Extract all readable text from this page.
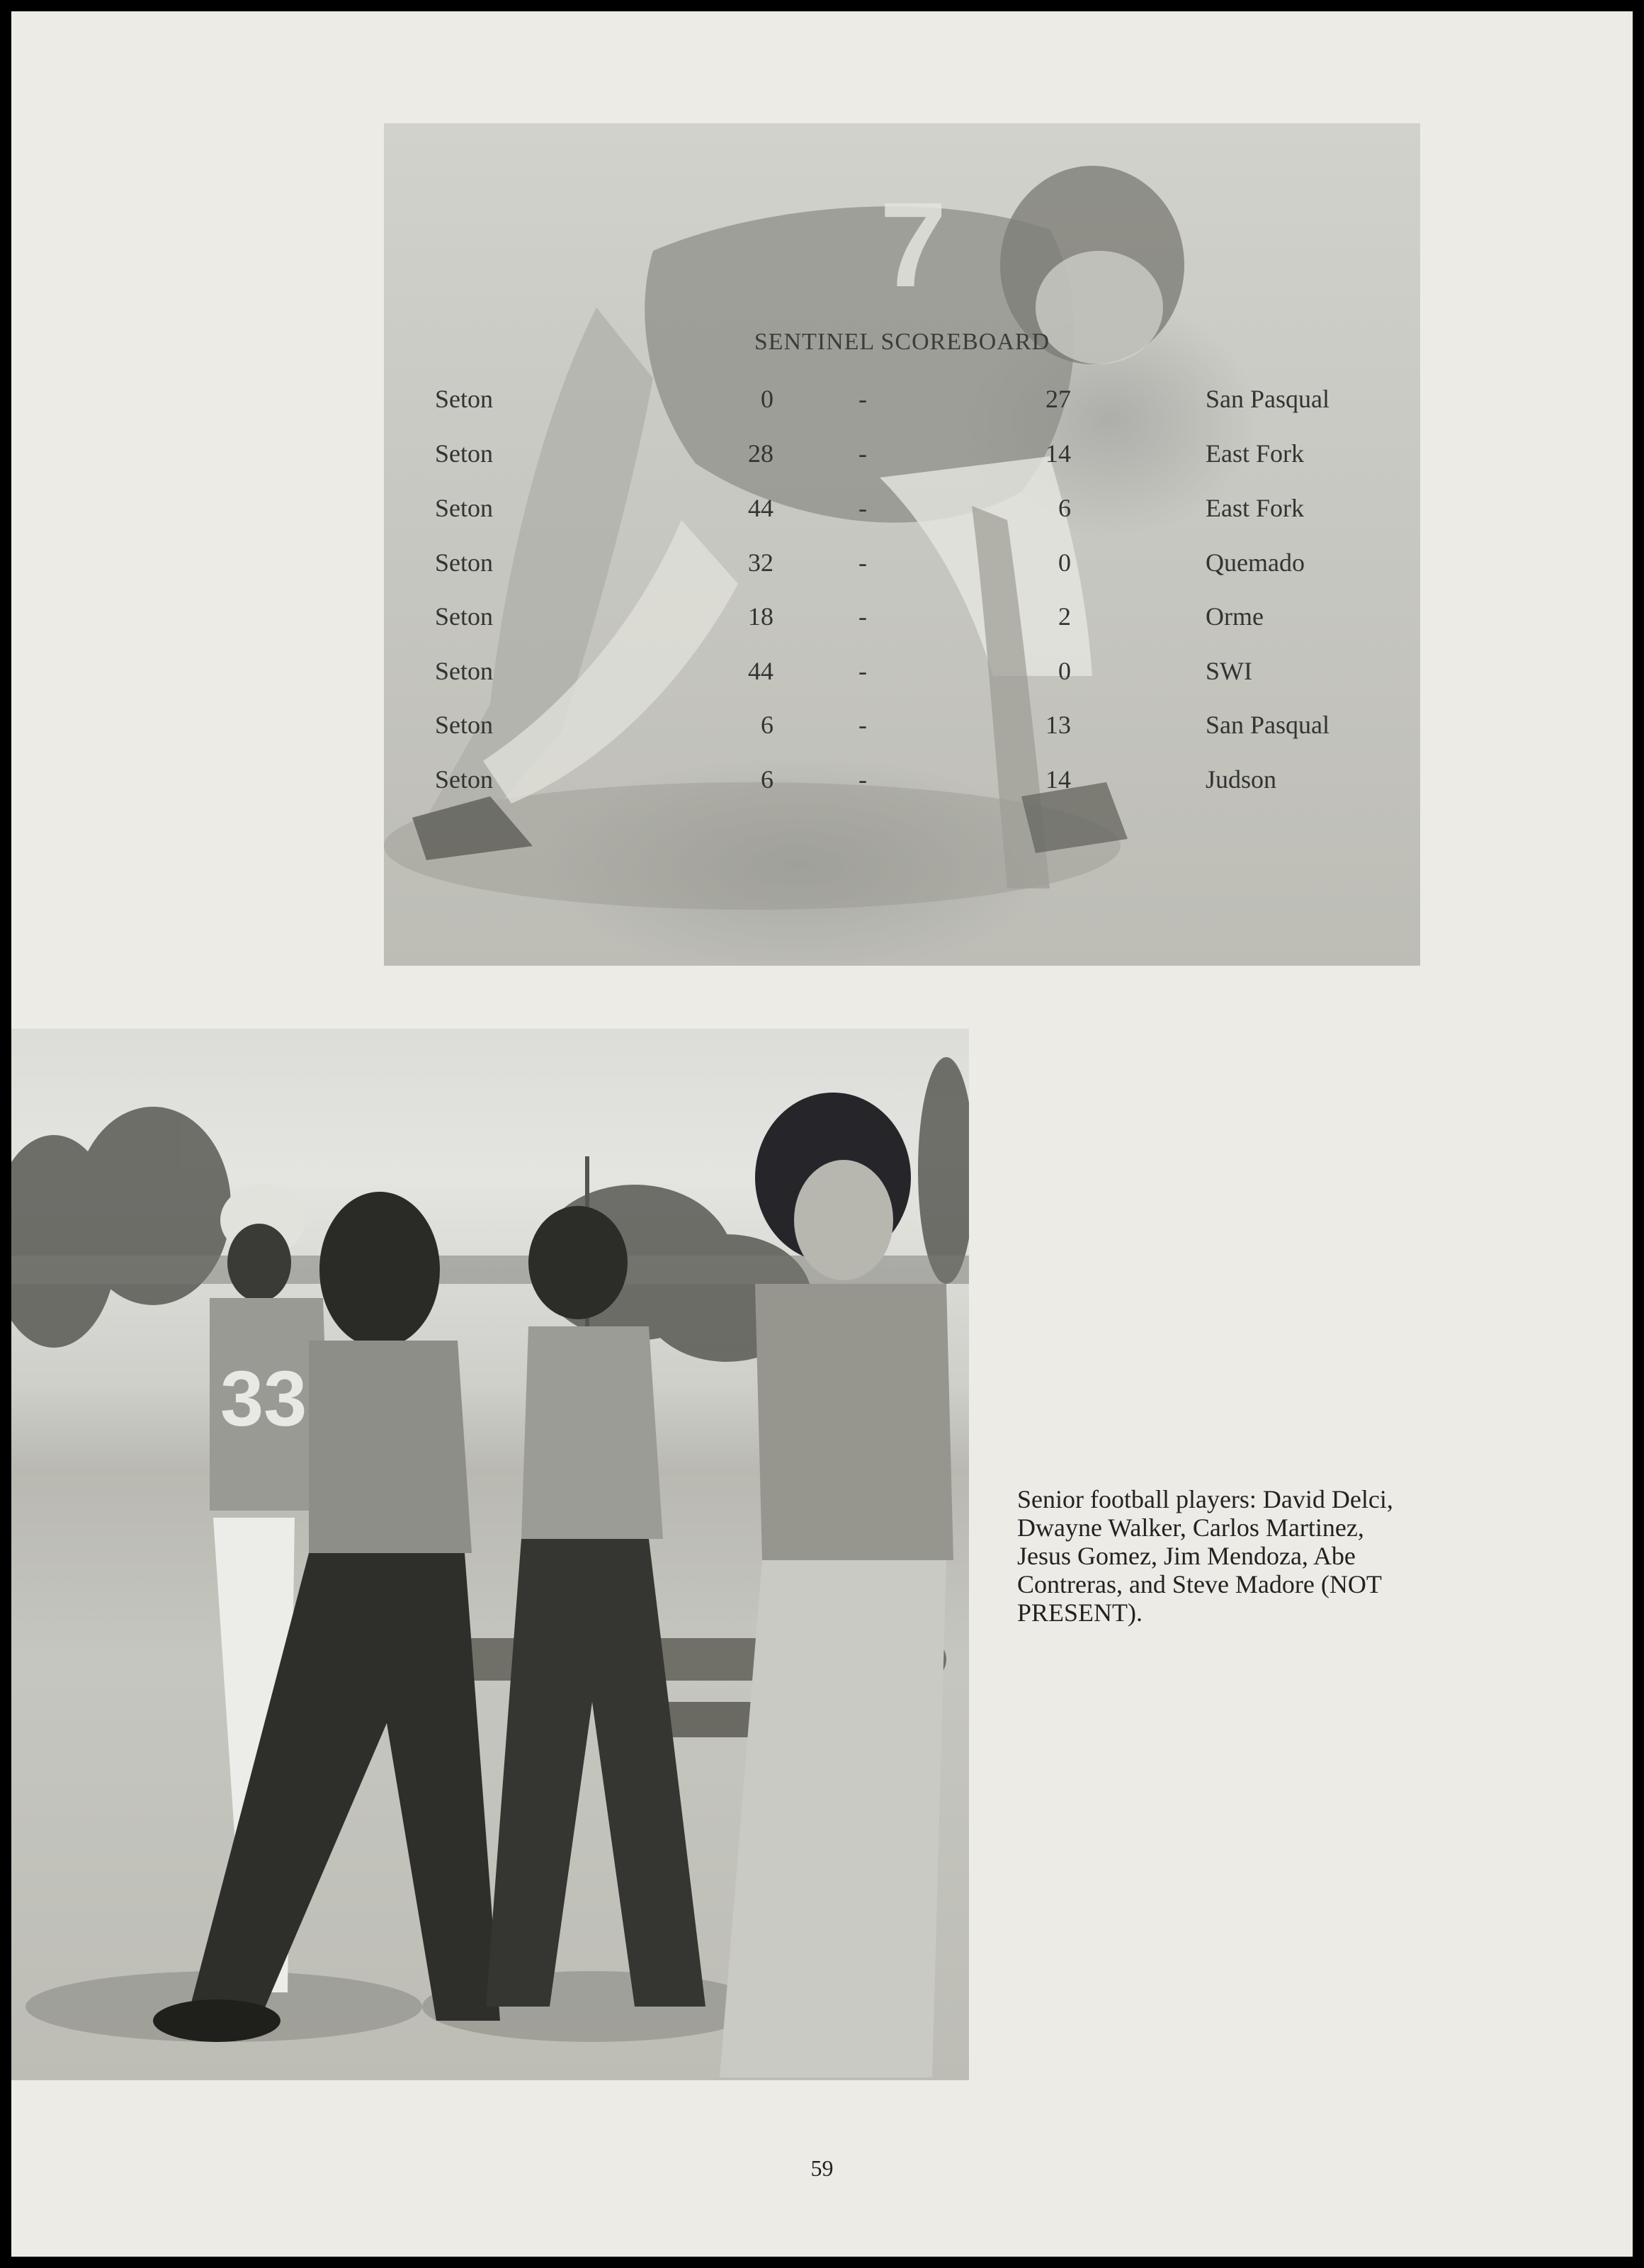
7
SENTINEL SCOREBOARD
Seton	0	-	27	San Pasqual
Seton	28	-	14	East Fork
Seton	44	-	6	East Fork
Seton	32	-	0	Quemado
Seton	18	-	2	Orme
Seton	44	-	0	SWI
Seton	6	-	13	San Pasqual
Seton	6	-	14	Judson
33
Senior football players: David Delci,
Dwayne Walker, Carlos Martinez,
Jesus Gomez, Jim Mendoza, Abe
Contreras, and Steve Madore (NOT
PRESENT).
59
